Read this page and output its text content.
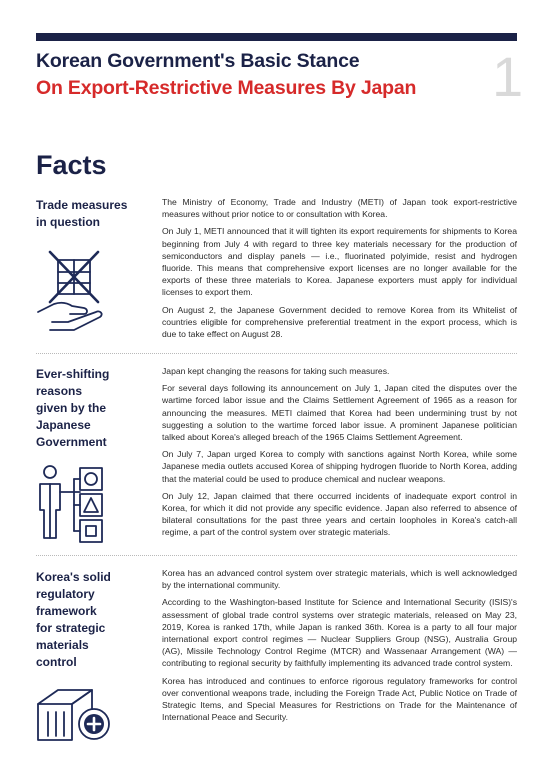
Korean Government's Basic Stance
On Export-Restrictive Measures By Japan 1
Facts
Trade measures
in question

The Ministry of Economy, Trade and Industry (METI) of Japan took export-restrictive measures without prior notice to or consultation with Korea.

On July 1, METI announced that it will tighten its export requirements for shipments to Korea beginning from July 4 with regard to three key materials necessary for the production of semiconductors and display panels — i.e., fluorinated polyimide, resist and hydrogen fluoride. This means that comprehensive export licenses are no longer available for the exports of these three materials to Korea. Japanese exporters must apply for individual licenses to export them.

On August 2, the Japanese Government decided to remove Korea from its Whitelist of countries eligible for comprehensive preferential treatment in the export process, which is due to take effect on August 28.

Ever-shifting reasons
given by the Japanese
Government

Japan kept changing the reasons for taking such measures.

For several days following its announcement on July 1, Japan cited the disputes over the wartime forced labor issue and the Claims Settlement Agreement of 1965 as a reason for announcing the measures. METI claimed that Korea had been undermining trust by not suggesting a solution to the wartime forced labor issue. A prominent Japanese politician talked about Korea's alleged breach of the 1965 Claims Settlement Agreement.

On July 7, Japan urged Korea to comply with sanctions against North Korea, while some Japanese media outlets accused Korea of shipping hydrogen fluoride to North Korea, adding that the material could be used to produce chemical and nuclear weapons.

On July 12, Japan claimed that there occurred incidents of inadequate export control in Korea, for which it did not provide any specific evidence. Japan also referred to absence of bilateral consultations for the past three years and certain loopholes in Korea's catch-all regime, a part of the control system over strategic materials.

Korea's solid
regulatory framework
for strategic materials
control

Korea has an advanced control system over strategic materials, which is well acknowledged by the international community.

According to the Washington-based Institute for Science and International Security (ISIS)'s assessment of global trade control systems over strategic materials, released on May 23, 2019, Korea is ranked 17th, while Japan is ranked 36th. Korea is a party to all four major international export control regimes — Nuclear Suppliers Group (NSG), Australia Group (AG), Missile Technology Control Regime (MTCR) and Wassenaar Arrangement (WA) — contributing to regional security by faithfully implementing its advanced trade control system.

Korea has introduced and continues to enforce rigorous regulatory frameworks for control over conventional weapons trade, including the Foreign Trade Act, Public Notice on Trade of Strategic Items, and Special Measures for Restrictions on Trade for the Maintenance of International Peace and Security.
